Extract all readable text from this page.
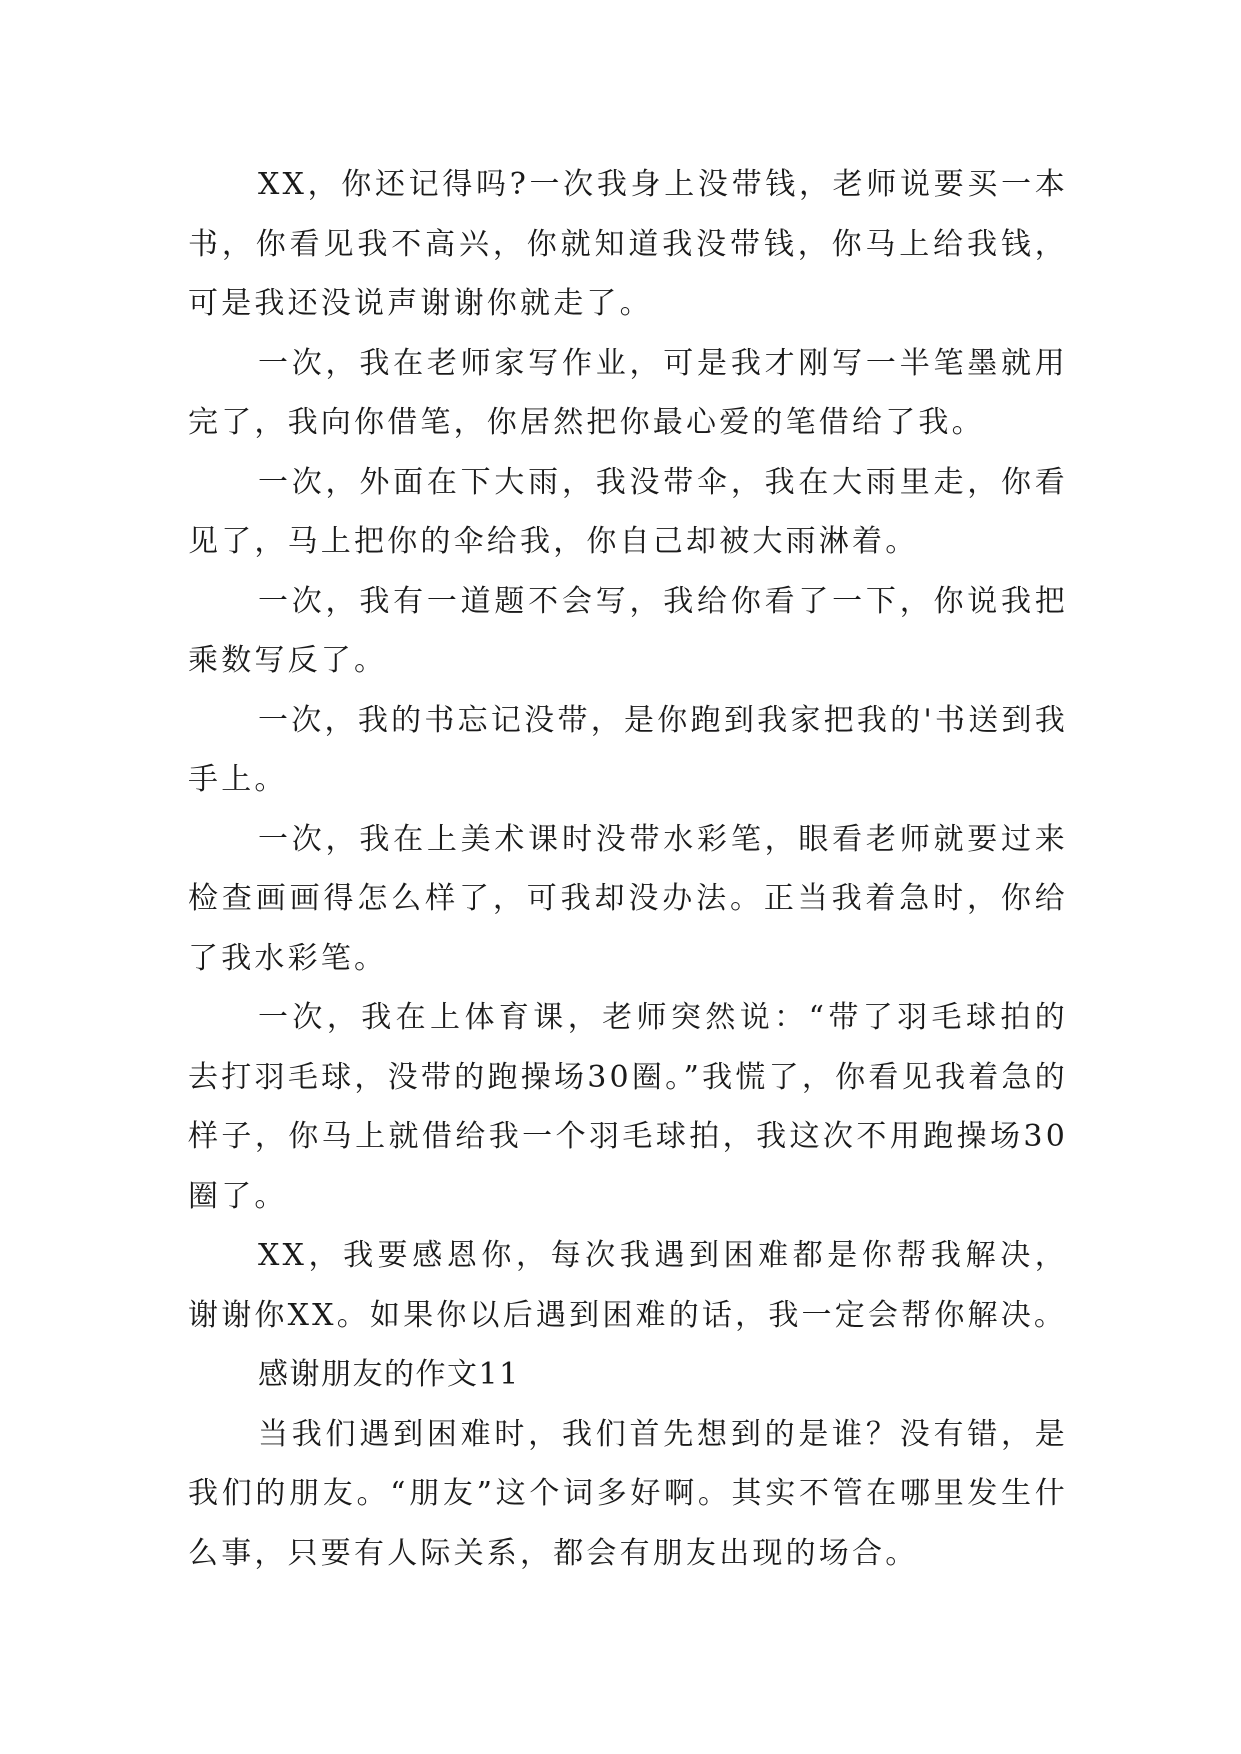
XX，你还记得吗?一次我身上没带钱，老师说要买一本书，你看见我不高兴，你就知道我没带钱，你马上给我钱，可是我还没说声谢谢你就走了。

一次，我在老师家写作业，可是我才刚写一半笔墨就用完了，我向你借笔，你居然把你最心爱的笔借给了我。

一次，外面在下大雨，我没带伞，我在大雨里走，你看见了，马上把你的伞给我，你自己却被大雨淋着。

一次，我有一道题不会写，我给你看了一下，你说我把乘数写反了。

一次，我的书忘记没带，是你跑到我家把我的'书送到我手上。

一次，我在上美术课时没带水彩笔，眼看老师就要过来检查画画得怎么样了，可我却没办法。正当我着急时，你给了我水彩笔。

一次，我在上体育课，老师突然说：“带了羽毛球拍的去打羽毛球，没带的跑操场30圈。”我慌了，你看见我着急的样子，你马上就借给我一个羽毛球拍，我这次不用跑操场30圈了。

XX，我要感恩你，每次我遇到困难都是你帮我解决，谢谢你XX。如果你以后遇到困难的话，我一定会帮你解决。

感谢朋友的作文11

当我们遇到困难时，我们首先想到的是谁？没有错，是我们的朋友。“朋友”这个词多好啊。其实不管在哪里发生什么事，只要有人际关系，都会有朋友出现的场合。
